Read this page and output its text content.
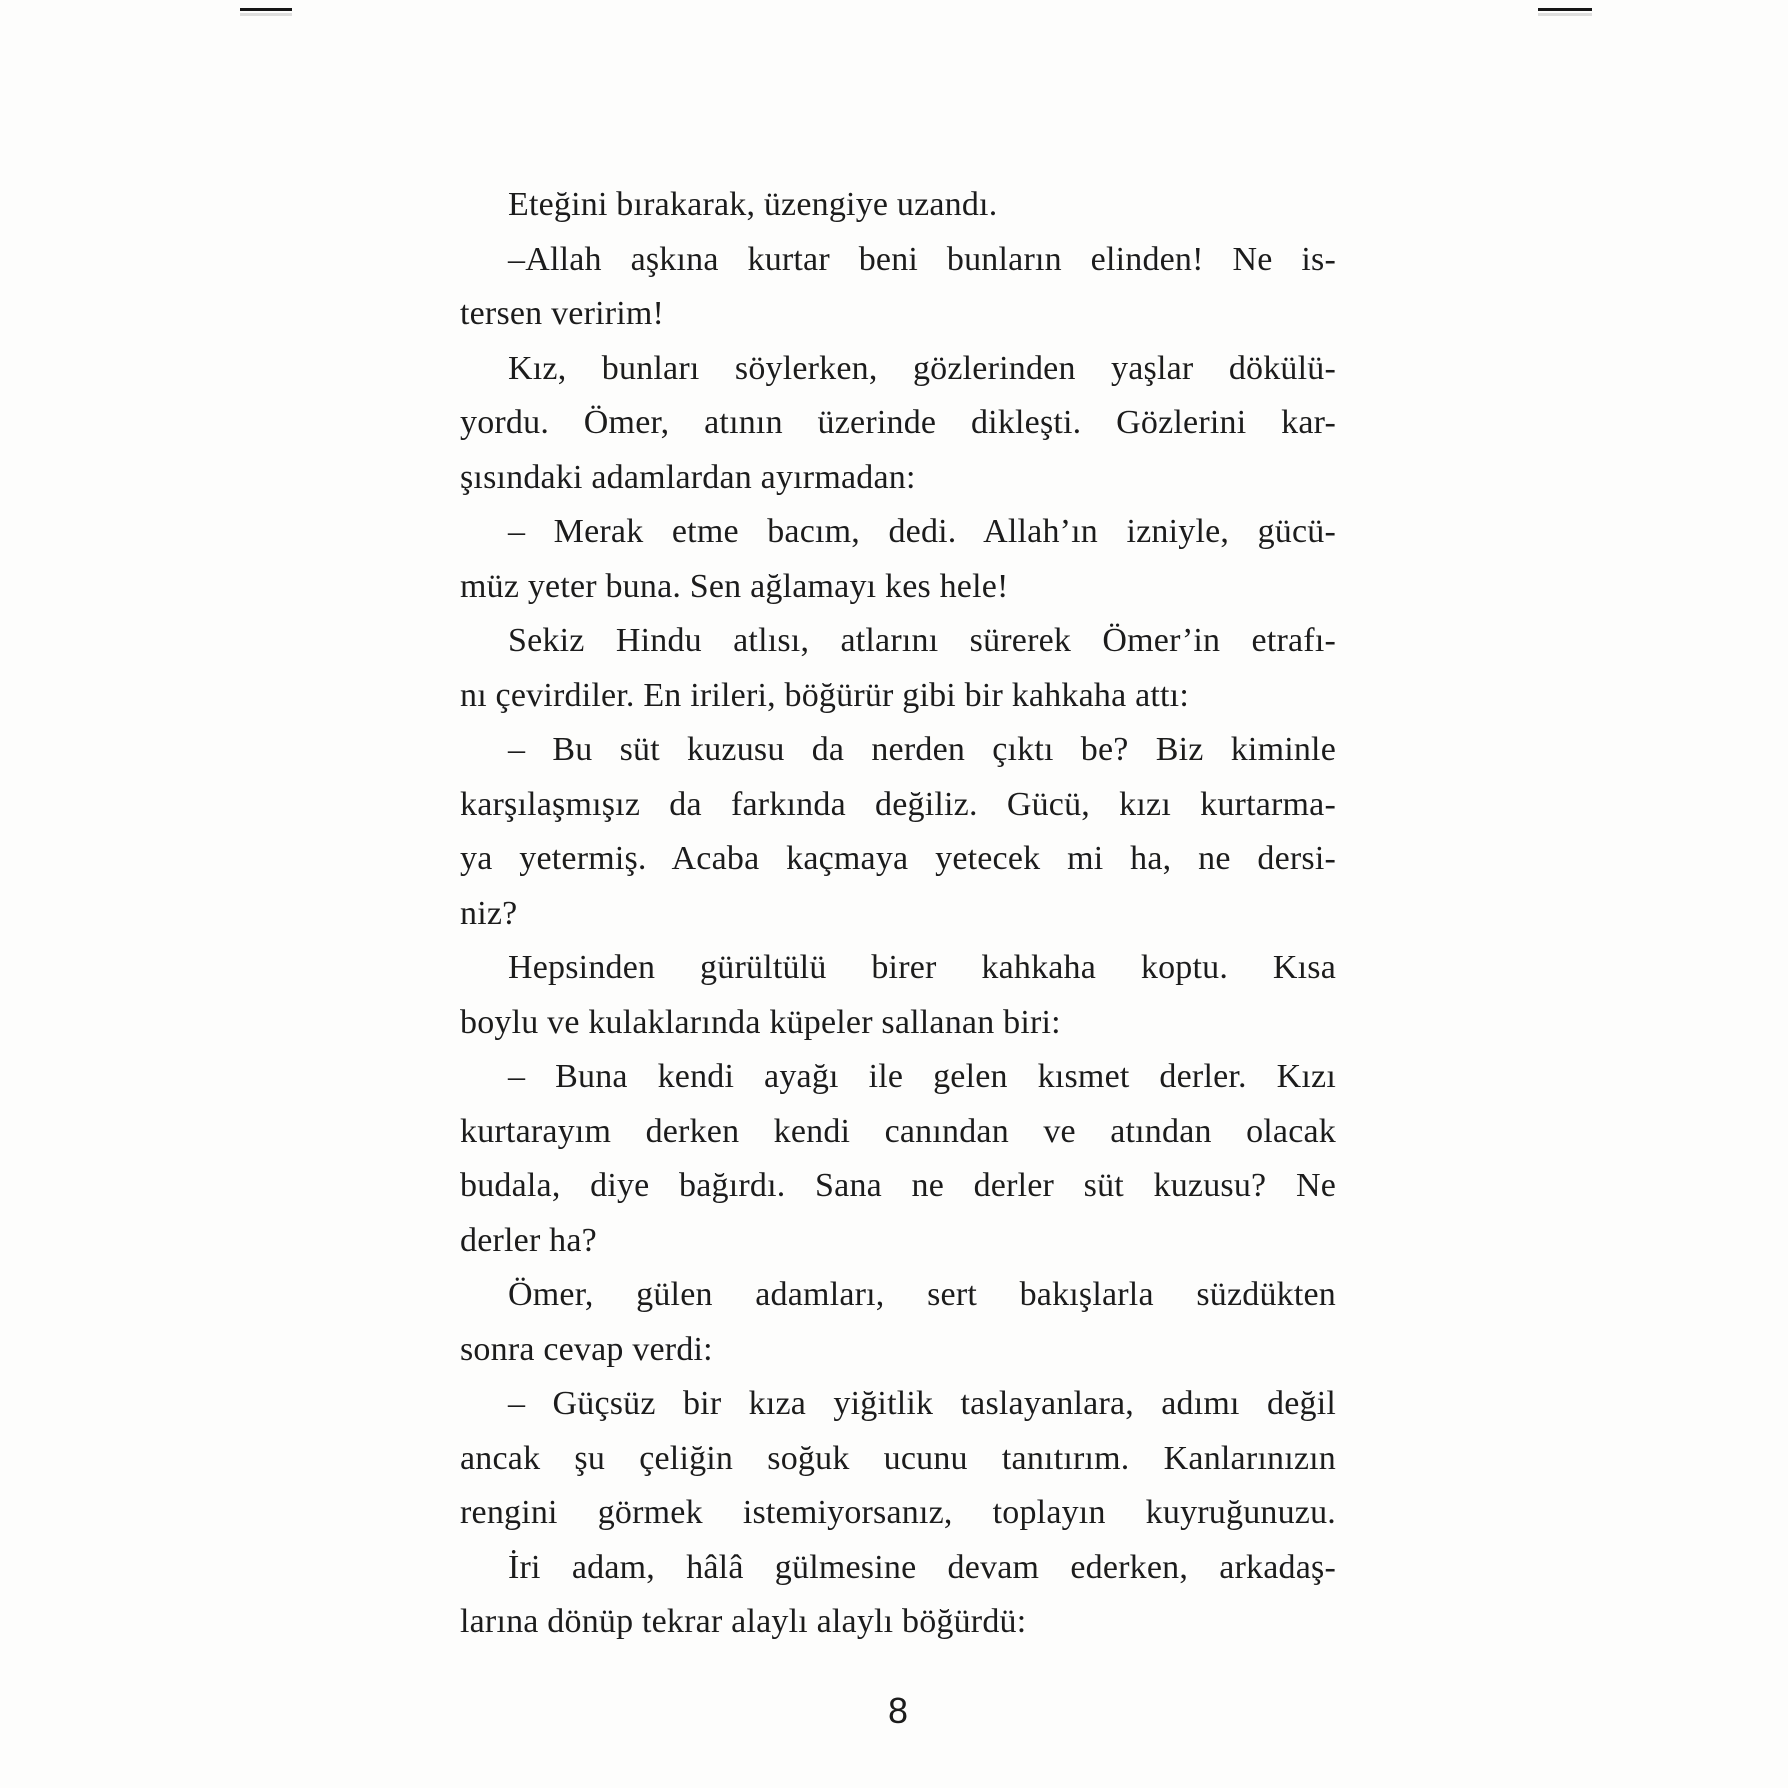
Eteğini bırakarak, üzengiye uzandı.
–Allah aşkına kurtar beni bunların elinden! Ne is-
tersen veririm!
Kız, bunları söylerken, gözlerinden yaşlar dökülü-
yordu. Ömer, atının üzerinde dikleşti. Gözlerini kar-
şısındaki adamlardan ayırmadan:
– Merak etme bacım, dedi. Allah’ın izniyle, gücü-
müz yeter buna. Sen ağlamayı kes hele!
Sekiz Hindu atlısı, atlarını sürerek Ömer’in etrafı-
nı çevirdiler. En irileri, böğürür gibi bir kahkaha attı:
– Bu süt kuzusu da nerden çıktı be? Biz kiminle
karşılaşmışız da farkında değiliz. Gücü, kızı kurtarma-
ya yetermiş. Acaba kaçmaya yetecek mi ha, ne dersi-
niz?
Hepsinden gürültülü birer kahkaha koptu. Kısa
boylu ve kulaklarında küpeler sallanan biri:
– Buna kendi ayağı ile gelen kısmet derler. Kızı
kurtarayım derken kendi canından ve atından olacak
budala, diye bağırdı. Sana ne derler süt kuzusu? Ne
derler ha?
Ömer, gülen adamları, sert bakışlarla süzdükten
sonra cevap verdi:
– Güçsüz bir kıza yiğitlik taslayanlara, adımı değil
ancak şu çeliğin soğuk ucunu tanıtırım. Kanlarınızın
rengini görmek istemiyorsanız, toplayın kuyruğunuzu.
İri adam, hâlâ gülmesine devam ederken, arkadaş-
larına dönüp tekrar alaylı alaylı böğürdü:
8
